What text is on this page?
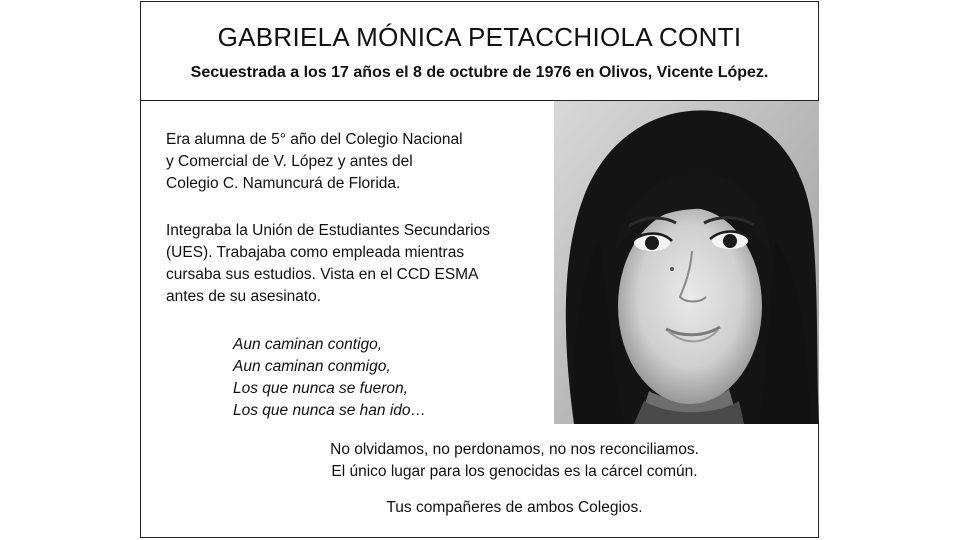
GABRIELA MÓNICA PETACCHIOLA CONTI
Secuestrada a los 17 años el 8 de octubre de 1976 en Olivos, Vicente López.
Era alumna de 5° año del Colegio Nacional
y Comercial de V. López y antes del
Colegio C. Namuncurá de Florida.
Integraba la Unión de Estudiantes Secundarios
(UES). Trabajaba como empleada mientras
cursaba sus estudios. Vista en el CCD ESMA
antes de su asesinato.
Aun caminan contigo,
Aun caminan conmigo,
Los que nunca se fueron,
Los que nunca se han ido…
No olvidamos, no perdonamos, no nos reconciliamos.
El único lugar para los genocidas es la cárcel común.
Tus compañeres de ambos Colegios.
